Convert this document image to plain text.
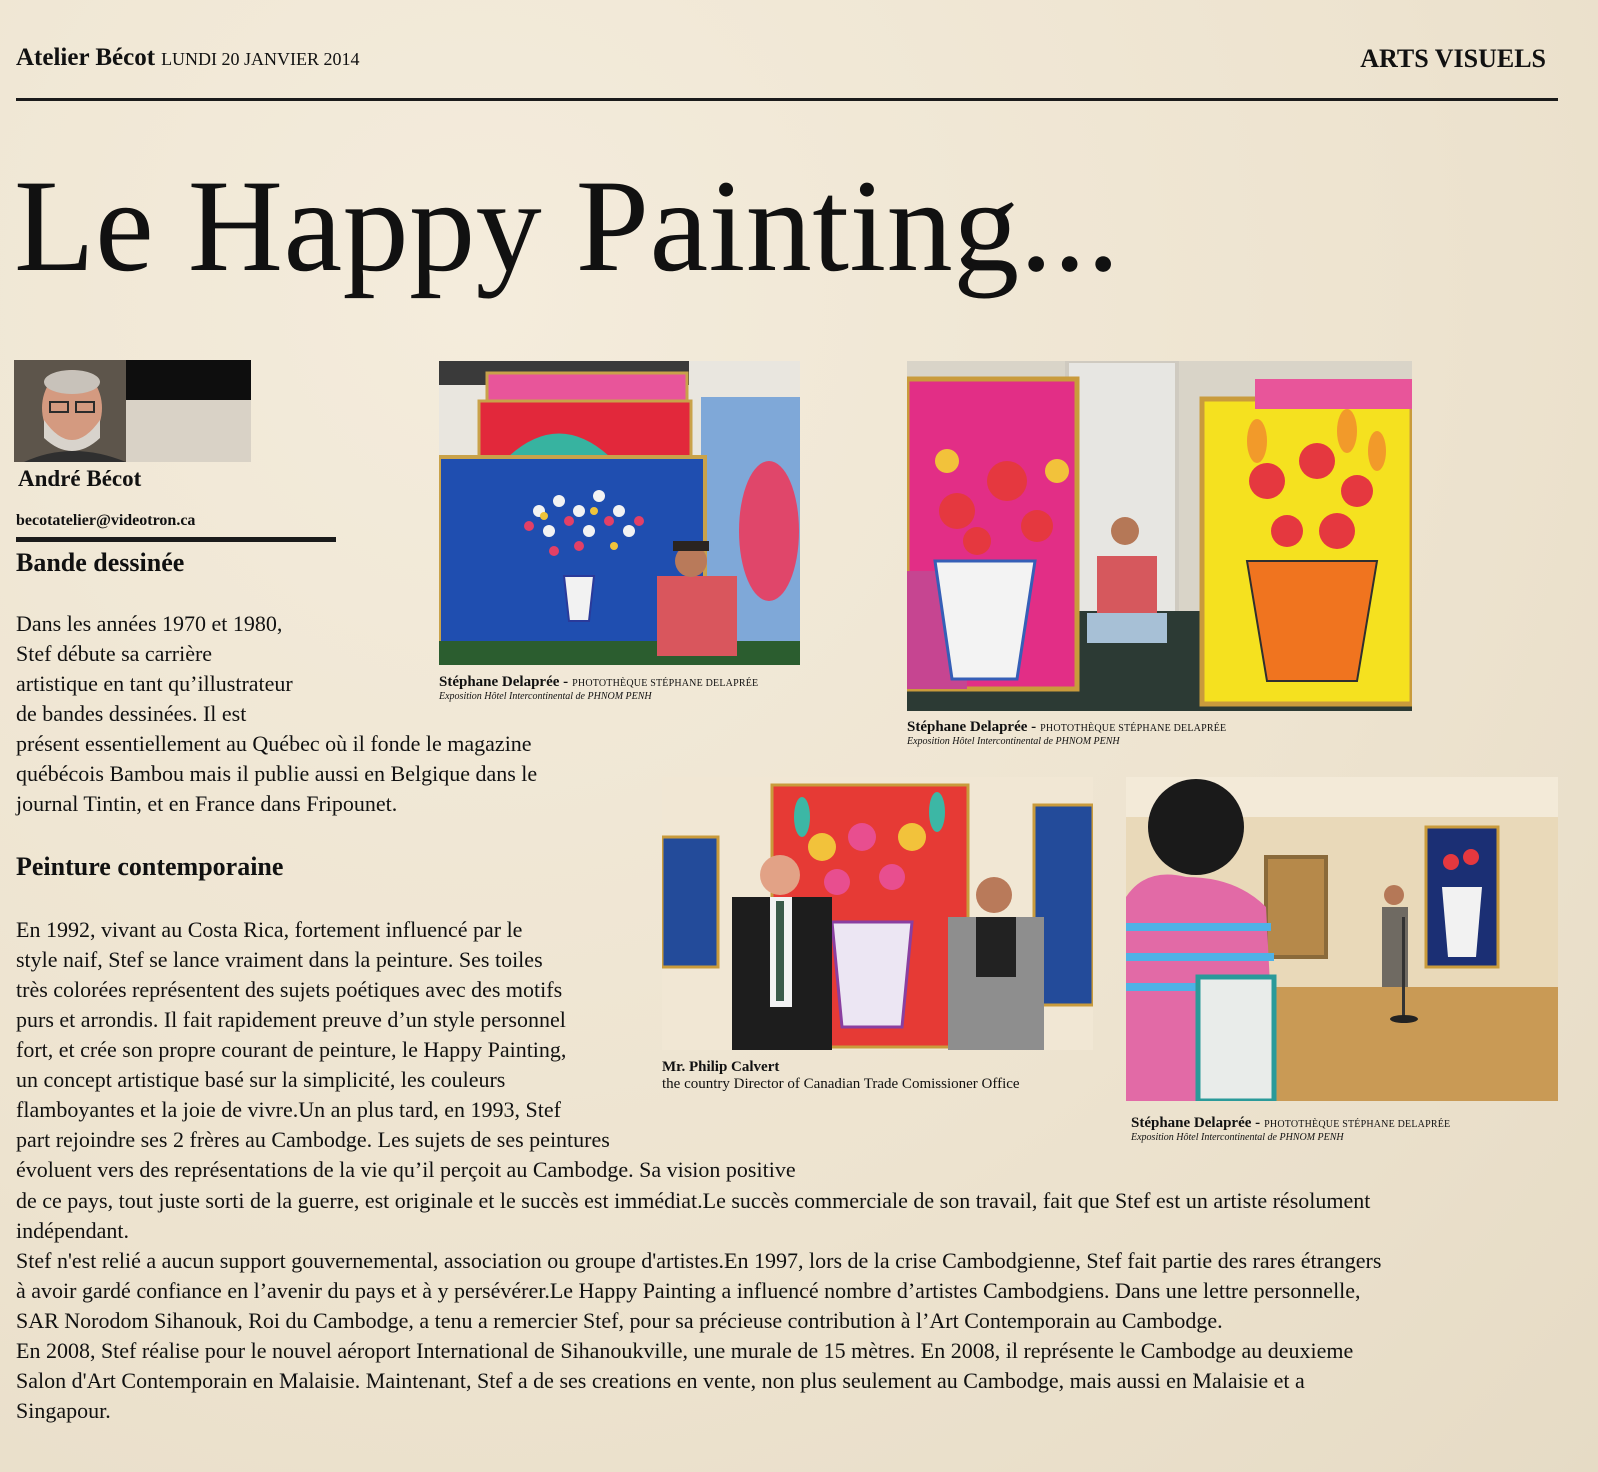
Atelier Bécot LUNDI 20 JANVIER 2014	ARTS VISUELS
Le Happy Painting...
André Bécot
becotatelier@videotron.ca
Bande dessinée
Dans les années 1970 et 1980,
Stef débute sa carrière
artistique en tant qu’illustrateur
de bandes dessinées. Il est
présent essentiellement au Québec où il fonde le magazine
québécois Bambou mais il publie aussi en Belgique dans le
journal Tintin, et en France dans Fripounet.
Peinture contemporaine
En 1992, vivant au Costa Rica, fortement influencé par le
style naif, Stef se lance vraiment dans la peinture. Ses toiles
très colorées représentent des sujets poétiques avec des motifs
purs et arrondis. Il fait rapidement preuve d’un style personnel
fort, et crée son propre courant de peinture, le Happy Painting,
un concept artistique basé sur la simplicité, les couleurs
flamboyantes et la joie de vivre.Un an plus tard, en 1993, Stef
part rejoindre ses 2 frères au Cambodge. Les sujets de ses peintures
évoluent vers des représentations de la vie qu’il perçoit au Cambodge. Sa vision positive
de ce pays, tout juste sorti de la guerre, est originale et le succès est immédiat.Le succès commerciale de son travail, fait que Stef est un artiste résolument
indépendant.
Stef n'est relié a aucun support gouvernemental, association ou groupe d'artistes.En 1997, lors de la crise Cambodgienne, Stef fait partie des rares étrangers
à avoir gardé confiance en l’avenir du pays et à y persévérer.Le Happy Painting a influencé nombre d’artistes Cambodgiens. Dans une lettre personnelle,
SAR Norodom Sihanouk, Roi du Cambodge, a tenu a remercier Stef, pour sa précieuse contribution à l’Art Contemporain au Cambodge.
En 2008, Stef réalise pour le nouvel aéroport International de Sihanoukville, une murale de 15 mètres. En 2008, il représente le Cambodge au deuxieme
Salon d'Art Contemporain en Malaisie. Maintenant, Stef a de ses creations en vente, non plus seulement au Cambodge, mais aussi en Malaisie et a
Singapour.
Stéphane Delaprée - PHOTOTHÈQUE STÉPHANE DELAPRÉE
Exposition Hôtel Intercontinental de PHNOM PENH
Stéphane Delaprée - PHOTOTHÈQUE STÉPHANE DELAPRÉE
Exposition Hôtel Intercontinental de PHNOM PENH
Mr. Philip Calvert
the country Director of Canadian Trade Comissioner Office
Stéphane Delaprée - PHOTOTHÈQUE STÉPHANE DELAPRÉE
Exposition Hôtel Intercontinental de PHNOM PENH
